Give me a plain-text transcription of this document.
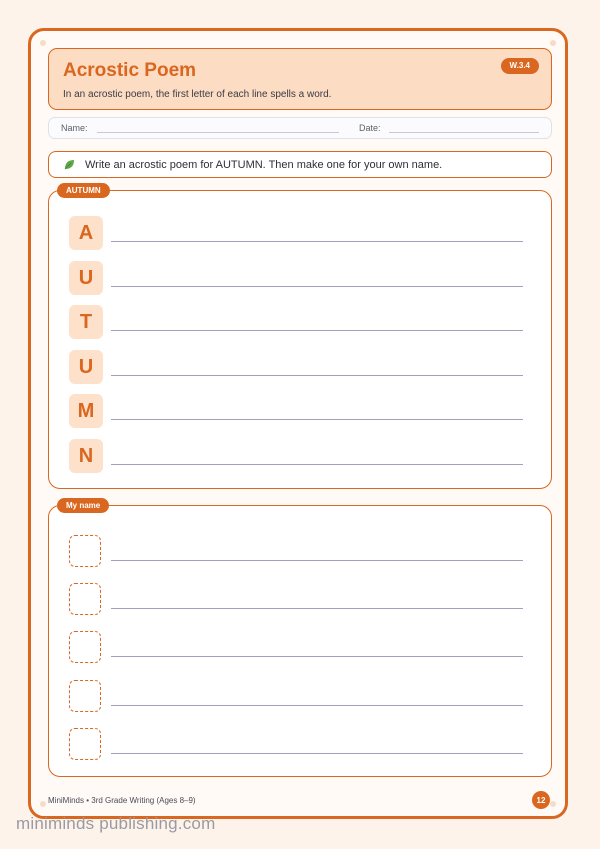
Acrostic Poem
In an acrostic poem, the first letter of each line spells a word.
W.3.4
Name:	Date:
Write an acrostic poem for AUTUMN. Then make one for your own name.
AUTUMN
A
U
T
U
M
N
My name
MiniMinds • 3rd Grade Writing (Ages 8–9)	12
miniminds publishing.com
